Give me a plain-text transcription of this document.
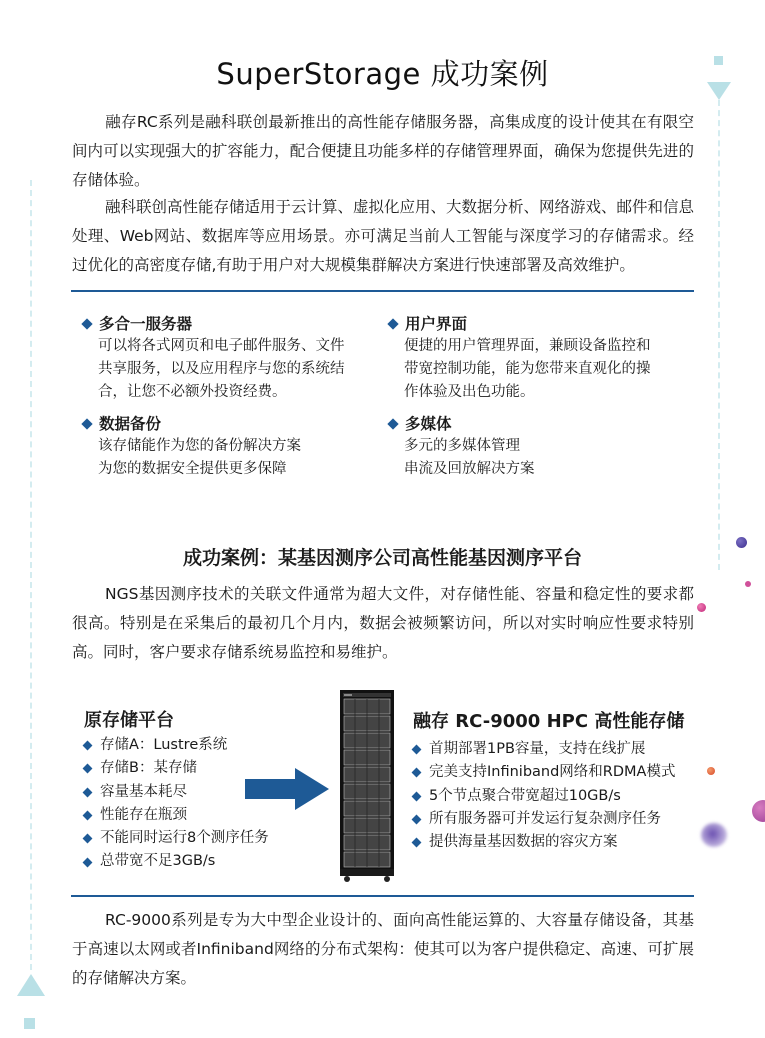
SuperStorage 成功案例

融存RC系列是融科联创最新推出的高性能存储服务器，高集成度的设计使其在有限空间内可以实现强大的扩容能力，配合便捷且功能多样的存储管理界面，确保为您提供先进的存储体验。

融科联创高性能存储适用于云计算、虚拟化应用、大数据分析、网络游戏、邮件和信息处理、Web网站、数据库等应用场景。亦可满足当前人工智能与深度学习的存储需求。经过优化的高密度存储,有助于用户对大规模集群解决方案进行快速部署及高效维护。

多合一服务器
可以将各式网页和电子邮件服务、文件
共享服务，以及应用程序与您的系统结
合，让您不必额外投资经费。
用户界面
便捷的用户管理界面，兼顾设备监控和
带宽控制功能，能为您带来直观化的操
作体验及出色功能。
数据备份
该存储能作为您的备份解决方案
为您的数据安全提供更多保障
多媒体
多元的多媒体管理
串流及回放解决方案
成功案例：某基因测序公司高性能基因测序平台

NGS基因测序技术的关联文件通常为超大文件，对存储性能、容量和稳定性的要求都很高。特别是在采集后的最初几个月内，数据会被频繁访问，所以对实时响应性要求特别高。同时，客户要求存储系统易监控和易维护。

原存储平台
存储A：Lustre系统
存储B：某存储
容量基本耗尽
性能存在瓶颈
不能同时运行8个测序任务
总带宽不足3GB/s
融存 RC-9000 HPC 高性能存储
首期部署1PB容量，支持在线扩展
完美支持Infiniband网络和RDMA模式
5个节点聚合带宽超过10GB/s
所有服务器可并发运行复杂测序任务
提供海量基因数据的容灾方案

RC-9000系列是专为大中型企业设计的、面向高性能运算的、大容量存储设备，其基于高速以太网或者Infiniband网络的分布式架构：使其可以为客户提供稳定、高速、可扩展的存储解决方案。
